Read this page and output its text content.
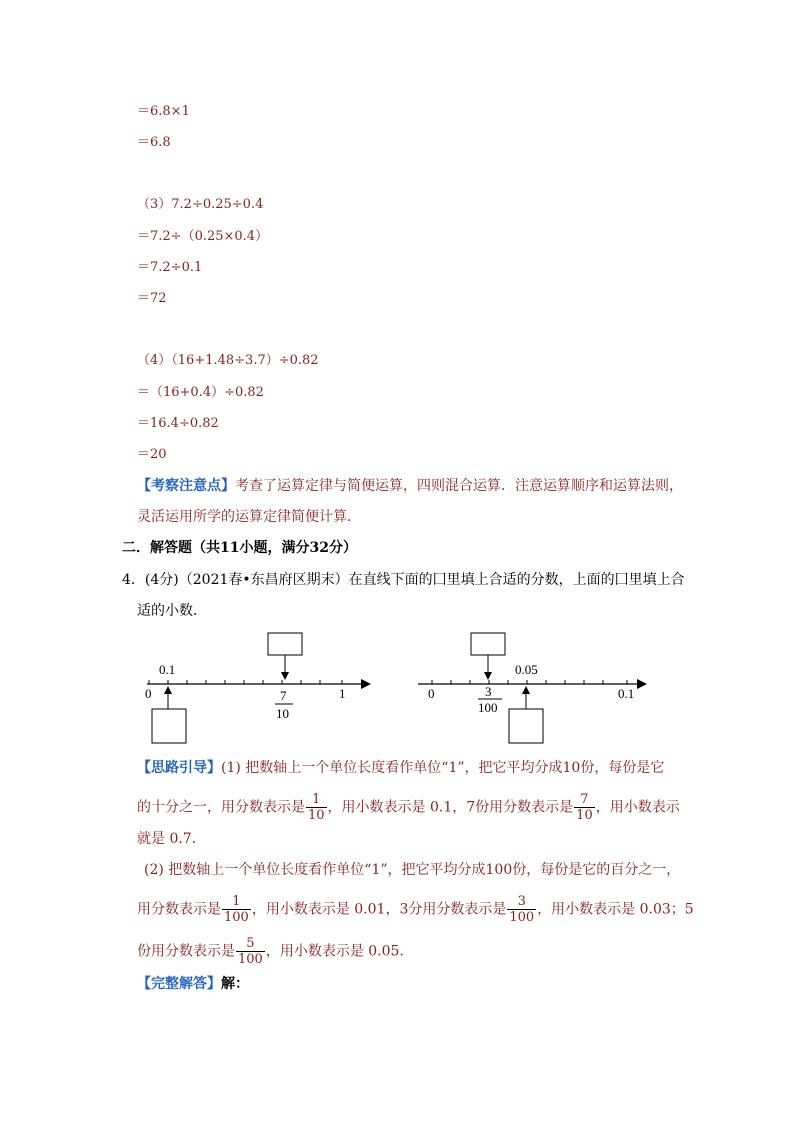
＝6.8×1
＝6.8
（3）7.2÷0.25÷0.4
＝7.2÷（0.25×0.4）
＝7.2÷0.1
＝72
（4）（16+1.48÷3.7）÷0.82
＝（16+0.4）÷0.82
＝16.4÷0.82
＝20
【考察注意点】考查了运算定律与简便运算，四则混合运算．注意运算顺序和运算法则，
灵活运用所学的运算定律简便计算．
二．解答题（共11小题，满分32分）
4．(4分)（2021春•东昌府区期末）在直线下面的囗里填上合适的分数，上面的囗里填上合
适的小数．
0	1
0.1
7
10
0	0.1
0.05
3
100
【思路引导】(1) 把数轴上一个单位长度看作单位“1”，把它平均分成10份，每份是它
的十分之一，用分数表示是 $\frac{1}{10}$ ，用小数表示是 0.1，7份用分数表示是 $\frac{7}{10}$ ，用小数表示
就是 0.7．
(2) 把数轴上一个单位长度看作单位“1”，把它平均分成100份，每份是它的百分之一，
用分数表示是 $\frac{1}{100}$ ，用小数表示是 0.01，3分用分数表示是 $\frac{3}{100}$ ，用小数表示是 0.03；5
份用分数表示是 $\frac{5}{100}$ ，用小数表示是 0.05．
【完整解答】解：
